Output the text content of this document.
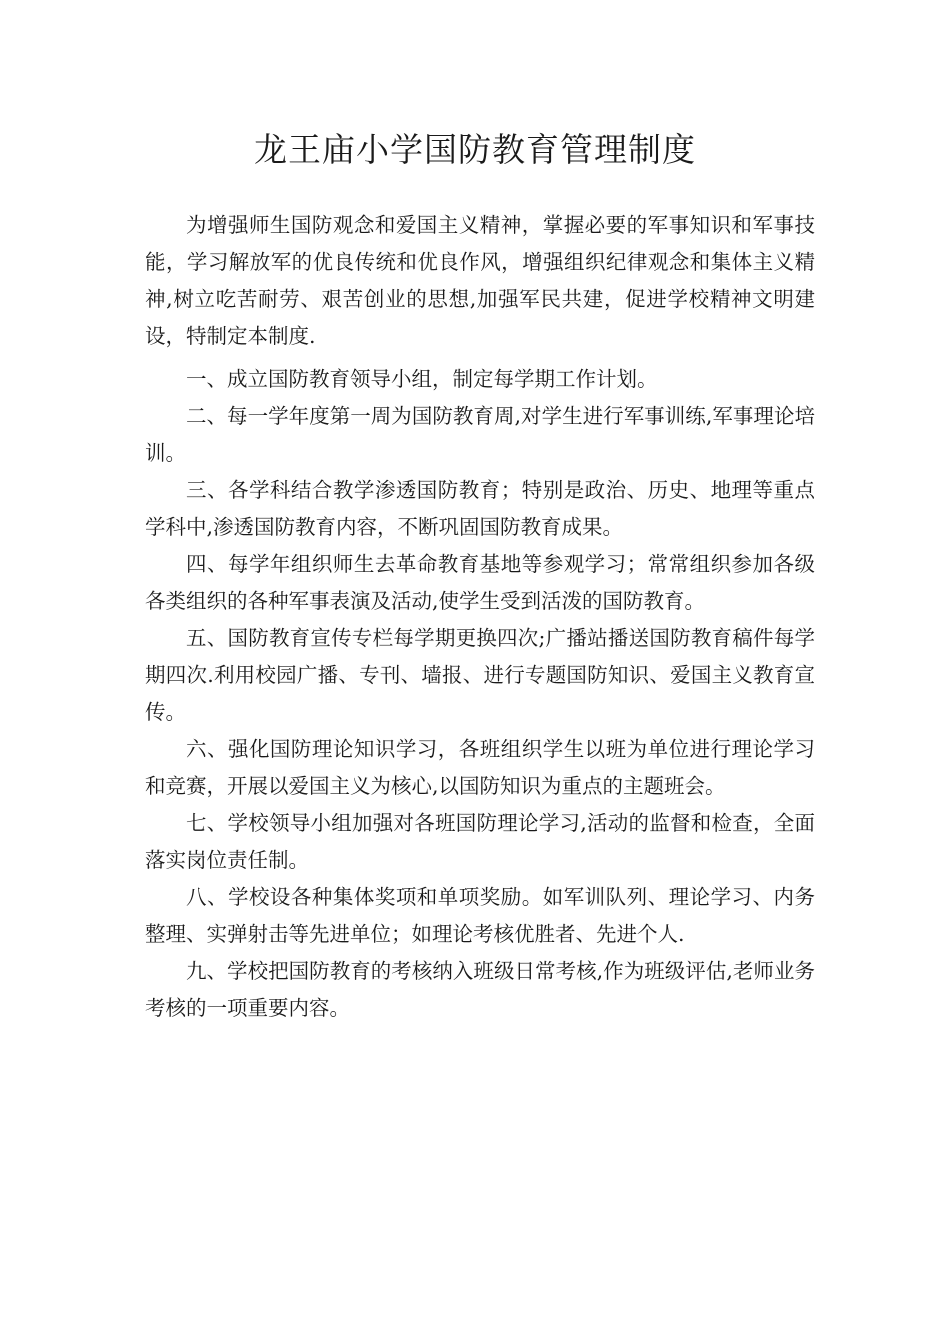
龙王庙小学国防教育管理制度

为增强师生国防观念和爱国主义精神，掌握必要的军事知识和军事技能，学习解放军的优良传统和优良作风，增强组织纪律观念和集体主义精神,树立吃苦耐劳、艰苦创业的思想,加强军民共建，促进学校精神文明建设，特制定本制度.

一、成立国防教育领导小组，制定每学期工作计划。

二、每一学年度第一周为国防教育周,对学生进行军事训练,军事理论培训。

三、各学科结合教学渗透国防教育；特别是政治、历史、地理等重点学科中,渗透国防教育内容，不断巩固国防教育成果。

四、每学年组织师生去革命教育基地等参观学习；常常组织参加各级各类组织的各种军事表演及活动,使学生受到活泼的国防教育。

五、国防教育宣传专栏每学期更换四次;广播站播送国防教育稿件每学期四次.利用校园广播、专刊、墙报、进行专题国防知识、爱国主义教育宣传。

六、强化国防理论知识学习，各班组织学生以班为单位进行理论学习和竞赛，开展以爱国主义为核心,以国防知识为重点的主题班会。

七、学校领导小组加强对各班国防理论学习,活动的监督和检查，全面落实岗位责任制。

八、学校设各种集体奖项和单项奖励。如军训队列、理论学习、内务整理、实弹射击等先进单位；如理论考核优胜者、先进个人.

九、学校把国防教育的考核纳入班级日常考核,作为班级评估,老师业务考核的一项重要内容。
